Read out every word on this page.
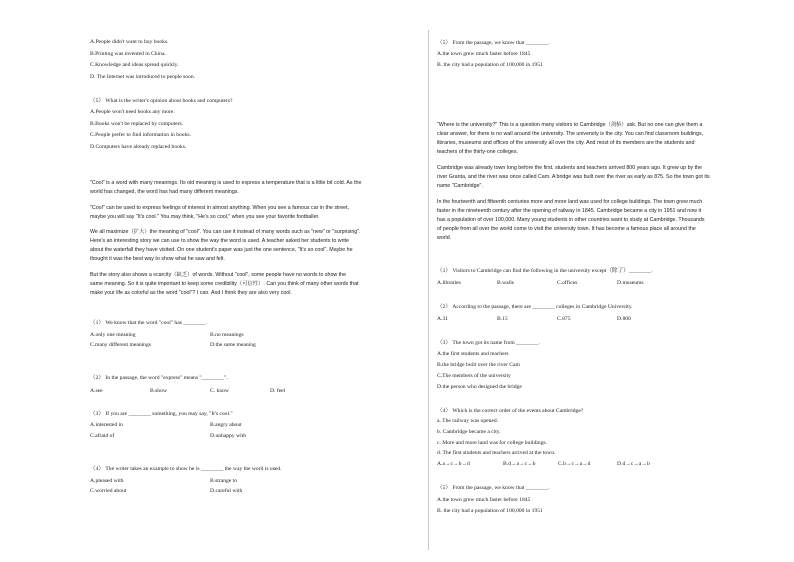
A.People didn't want to buy books.
B.Printing was invented in China.
C.Knowledge and ideas spread quickly.
D. The Internet was introduced to people soon.
（5） What is the writer's opinion about books and computers?
A.People won't need books any more.
B.Books won't be replaced by computers.
C.People prefer to find information in books.
D.Computers have already replaced books.
"Cool" is a word with many meanings. Its old meaning is used to express a temperature that is a little bit cold. As the
world has changed, the word has had many different meanings.
"Cool" can be used to express feelings of interest in almost anything. When you see a famous car in the street,
maybe you will say "It's cool." You may think, "He's so cool," when you see your favorite footballer.
We all maximize（扩大）the meaning of "cool". You can use it instead of many words such as "new" or "surprising".
Here's an interesting story we can use to show the way the word is used. A teacher asked her students to write
about the waterfall they have visited. On one student's paper was just the one sentence, "It's so cool". Maybe he
thought it was the best way to show what he saw and felt.
But the story also shows a scarcity（缺乏）of words. Without "cool", some people have no words to show the
same meaning. So it is quite important to keep some credibility（可信性）. Can you think of many other words that
make your life as colorful as the word "cool"? I can. And I think they are also very cool.
（1） We know that the word "cool" has ________.
A.only one meaning	B.no meanings
C.many different meanings	D.the same meaning
（2） In the passage, the word "express" means "________".
A.see	B.show	C. know	D. feel
（3） If you are ________ something, you may say, "It's cool."
A.interested in	B.angry about
C.afraid of	D.unhappy with
（4） The writer takes an example to show he is ________ the way the word is used.
A.pleased with	B.strange to
C.worried about	D.careful with
（5） From the passage, we know that ________.
A.the town grew much faster before 1845
B. the city had a population of 100,000 in 1951
"Where is the university?" This is a question many visitors to Cambridge（剑桥）ask. But no one can give them a
clear answer, for there is no wall around the university. The university is the city. You can find classroom buildings,
libraries, museums and offices of the university all over the city. And most of its members are the students and
teachers of the thirty-one colleges.
Cambridge was already town long before the first, students and teachers arrived 800 years ago. It grew up by the
river Granta, and the river was once called Cam. A bridge was built over the river as early as 875. So the town got its
name "Cambridge".
In the fourteenth and fifteenth centuries more and more land was used for college buildings. The town grew much
faster in the nineteenth century after the opening of railway in 1845. Cambridge became a city in 1951 and now it
has a population of over 100,000. Many young students in other countries want to study at Cambridge. Thousands
of people from all over the world come to visit the university town. It has become a famous place all around the
world.
（1） Visitors to Cambridge can find the following in the university except（除了）________.
A.libraries	B.walls	C.offices	D.museums
（2） According to the passage, there are ________ colleges in Cambridge University.
A.31	B.15	C.875	D.800
（3） The town got its name from ________.
A.the first students and teachers
B.the bridge built over the river Cam
C.The members of the university
D.the person who designed the bridge
（4） Which is the correct order of the events about Cambridge?
a. The railway was opened.
b. Cambridge became a city.
c. More and more land was for college buildings.
d. The first students and teachers arrived at the town.
A.a→c→b→d	B.d→a→c→b	C.b→c→a→d	D.d→c→a→b
（5） From the passage, we know that ________.
A.the town grew much faster before 1845
B. the city had a population of 100,000 in 1951
